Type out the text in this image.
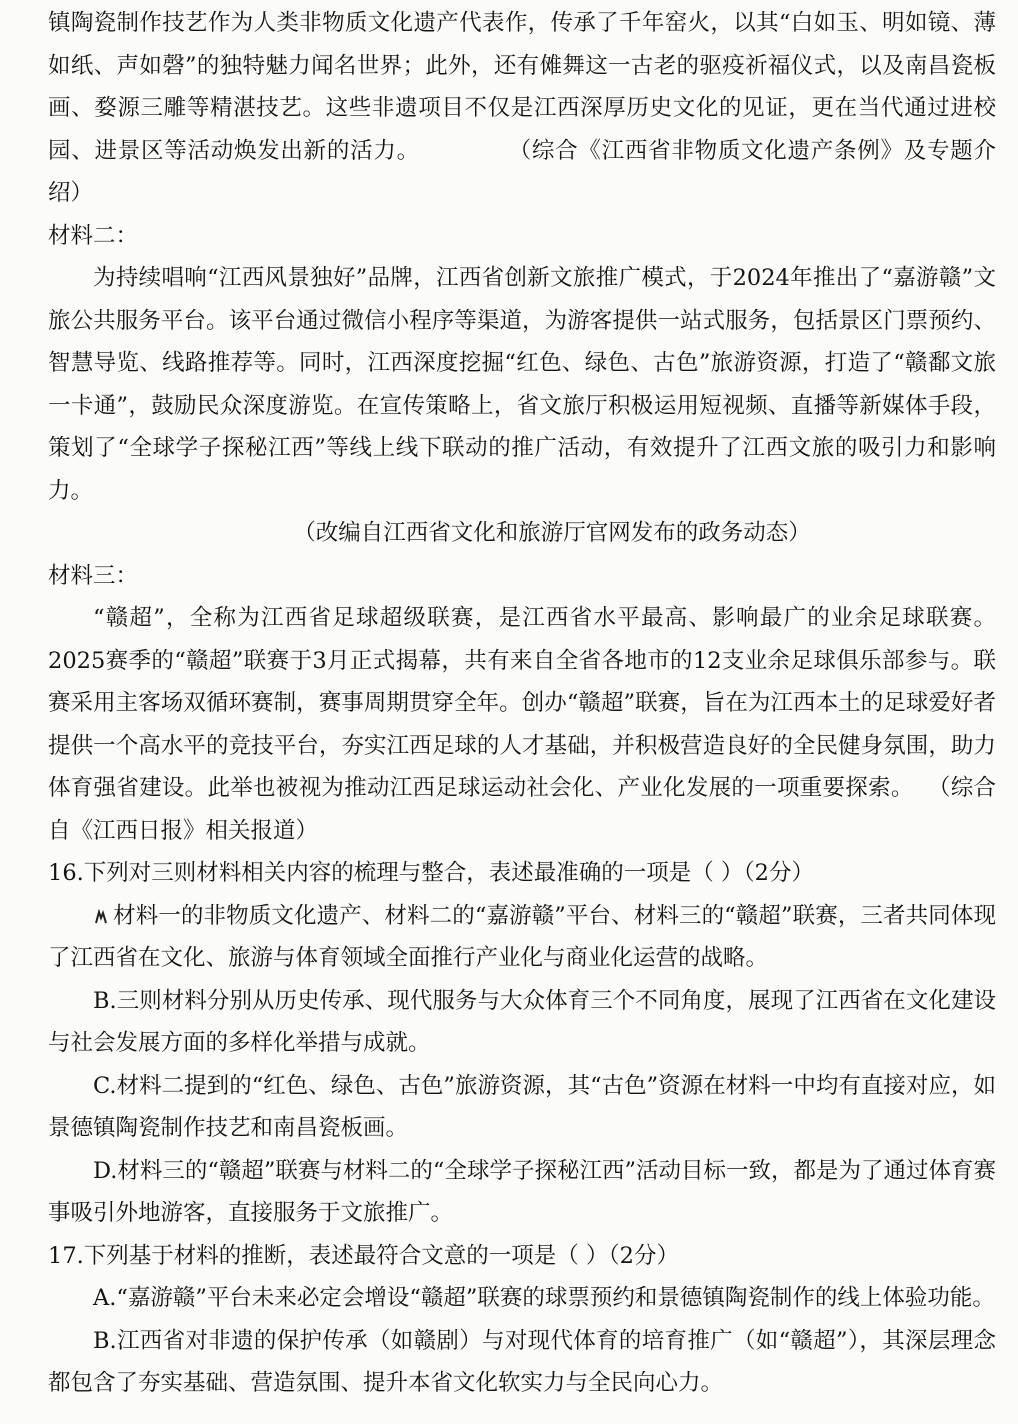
镇陶瓷制作技艺作为人类非物质文化遗产代表作，传承了千年窑火，以其“白如玉、明如镜、薄如纸、声如磬”的独特魅力闻名世界；此外，还有傩舞这一古老的驱疫祈福仪式，以及南昌瓷板画、婺源三雕等精湛技艺。这些非遗项目不仅是江西深厚历史文化的见证，更在当代通过进校园、进景区等活动焕发出新的活力。	（综合《江西省非物质文化遗产条例》及专题介绍）

材料二：

为持续唱响“江西风景独好”品牌，江西省创新文旅推广模式，于2024年推出了“嘉游赣”文旅公共服务平台。该平台通过微信小程序等渠道，为游客提供一站式服务，包括景区门票预约、智慧导览、线路推荐等。同时，江西深度挖掘“红色、绿色、古色”旅游资源，打造了“赣鄱文旅一卡通”，鼓励民众深度游览。在宣传策略上，省文旅厅积极运用短视频、直播等新媒体手段，策划了“全球学子探秘江西”等线上线下联动的推广活动，有效提升了江西文旅的吸引力和影响力。

（改编自江西省文化和旅游厅官网发布的政务动态）

材料三：

“赣超”，全称为江西省足球超级联赛，是江西省水平最高、影响最广的业余足球联赛。2025赛季的“赣超”联赛于3月正式揭幕，共有来自全省各地市的12支业余足球俱乐部参与。联赛采用主客场双循环赛制，赛事周期贯穿全年。创办“赣超”联赛，旨在为江西本土的足球爱好者提供一个高水平的竞技平台，夯实江西足球的人才基础，并积极营造良好的全民健身氛围，助力体育强省建设。此举也被视为推动江西足球运动社会化、产业化发展的一项重要探索。 （综合自《江西日报》相关报道）

16.下列对三则材料相关内容的梳理与整合，表述最准确的一项是（ ）（2分）

材料一的非物质文化遗产、材料二的“嘉游赣”平台、材料三的“赣超”联赛，三者共同体现了江西省在文化、旅游与体育领域全面推行产业化与商业化运营的战略。

B.三则材料分别从历史传承、现代服务与大众体育三个不同角度，展现了江西省在文化建设与社会发展方面的多样化举措与成就。

C.材料二提到的“红色、绿色、古色”旅游资源，其“古色”资源在材料一中均有直接对应，如景德镇陶瓷制作技艺和南昌瓷板画。

D.材料三的“赣超”联赛与材料二的“全球学子探秘江西”活动目标一致，都是为了通过体育赛事吸引外地游客，直接服务于文旅推广。

17.下列基于材料的推断，表述最符合文意的一项是（ ）（2分）

A.“嘉游赣”平台未来必定会增设“赣超”联赛的球票预约和景德镇陶瓷制作的线上体验功能。

B.江西省对非遗的保护传承（如赣剧）与对现代体育的培育推广（如“赣超”），其深层理念都包含了夯实基础、营造氛围、提升本省文化软实力与全民向心力。
